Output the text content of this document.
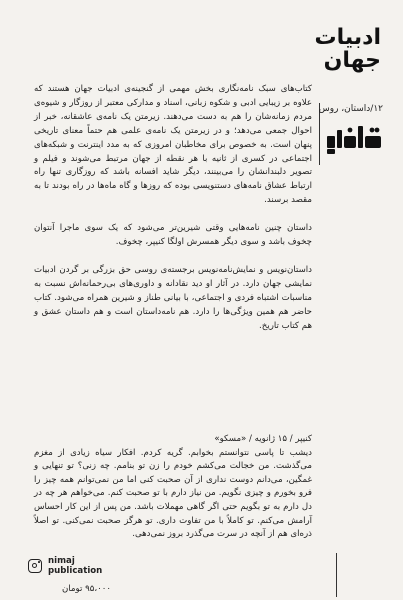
ادبیات
جهان
۱۲/داستان، روس
نیماژ

کتاب‌های سبک نامه‌نگاری بخش مهمی از گنجینه‌ی ادبیات جهان هستند که علاوه بر زیبایی ادبی و شکوه زبانی، اسناد و مدارکی معتبر از روزگار و شیوه‌ی مردم زمانه‌شان را هم به دست می‌دهند. زیرمتن یک نامه‌ی عاشقانه، خبر از احوال جمعی می‌دهد؛ و در زیرمتن یک نامه‌ی علمی هم حتماً معنای تاریخی پنهان است. به خصوص برای مخاطبان امروزی که به مدد اینترنت و شبکه‌های اجتماعی در کسری از ثانیه با هر نقطه از جهان مرتبط می‌شوند و فیلم و تصویر دلبندانشان را می‌بینند، دیگر شاید افسانه باشد که روزگاری تنها راه ارتباط عشاق نامه‌های دستنویسی بوده که روزها و گاه ماه‌ها در راه بودند تا به مقصد برسند.

داستان چنین نامه‌هایی وقتی شیرین‌تر می‌شود که یک سوی ماجرا آنتوان چخوف باشد و سوی دیگر همسرش اولگا کنیپر، چخوف.

داستان‌نویس و نمایش‌نامه‌نویس برجسته‌ی روسی حق بزرگی بر گردن ادبیات نمایشی جهان دارد. در آثار او دید نقادانه و داوری‌های بی‌رحمانه‌اش نسبت به مناسبات اشتباه فردی و اجتماعی، با بیانی طناز و شیرین همراه می‌شود. کتاب حاضر هم همین ویژگی‌ها را دارد. هم نامه‌داستان است و هم داستان عشق و هم کتاب تاریخ.

کنیپر / ۱۵ ژانویه / «مسکو»

دیشب تا پاسی نتوانستم بخوابم. گریه کردم. افکار سیاه زیادی از مغزم می‌گذشت. من خجالت می‌کشم خودم را زن تو بنامم. چه زنی؟ تو تنهایی و غمگین، می‌دانم دوست نداری از آن صحبت کنی اما من نمی‌توانم همه چیز را فرو بخورم و چیزی نگویم. من نیاز دارم با تو صحبت کنم. می‌خواهم هر چه در دل دارم به تو بگویم حتی اگر گاهی مهملات باشد. من پس از این کار احساس آرامش می‌کنم. تو کاملاً با من تفاوت داری. تو هرگز صحبت نمی‌کنی. تو اصلاً ذره‌ای هم از آنچه در سرت می‌گذرد بروز نمی‌دهی.

nimaj
publication
۹۵،۰۰۰ تومان
